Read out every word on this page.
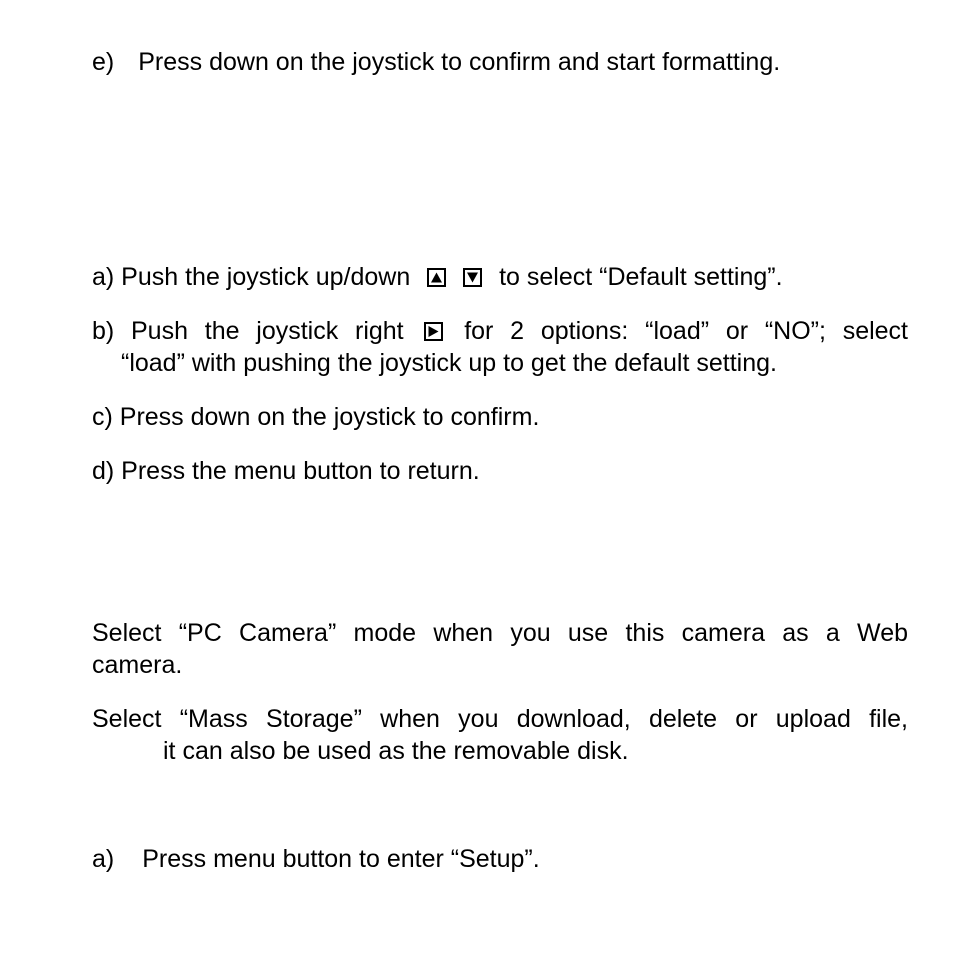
e) Press down on the joystick to confirm and start formatting.
a) Push the joystick up/down
	to select “Default setting”.
b) Push the joystick right for 2 options: “load” or “NO”; select
“load” with pushing the joystick up to get the default setting.
c) Press down on the joystick to confirm.
d) Press the menu button to return.
Select “PC Camera” mode when you use this camera as a Web
camera.
Select “Mass Storage” when you download, delete or upload file,
it can also be used as the removable disk.
a) Press menu button to enter “Setup”.
